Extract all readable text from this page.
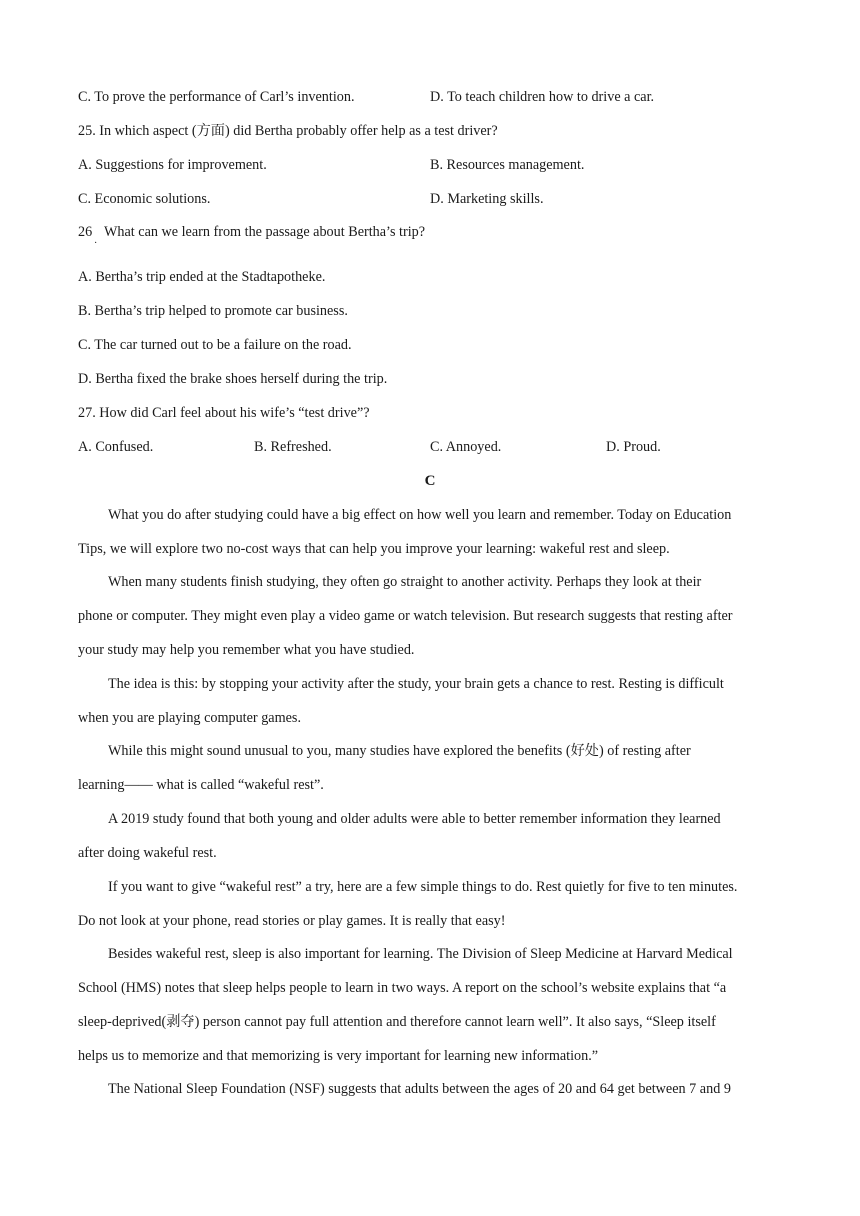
C. To prove the performance of Carl’s invention.	D. To teach children how to drive a car.
25. In which aspect (方面) did Bertha probably offer help as a test driver?
A. Suggestions for improvement.	B. Resources management.
C. Economic solutions.	D. Marketing skills.
26
·
What can we learn from the passage about Bertha’s trip?
A. Bertha’s trip ended at the Stadtapotheke.
B. Bertha’s trip helped to promote car business.
C. The car turned out to be a failure on the road.
D. Bertha fixed the brake shoes herself during the trip.
27. How did Carl feel about his wife’s “test drive”?
A. Confused.	B. Refreshed.	C. Annoyed.	D. Proud.
C
What you do after studying could have a big effect on how well you learn and remember. Today on Education
Tips, we will explore two no-cost ways that can help you improve your learning: wakeful rest and sleep.
When many students finish studying, they often go straight to another activity. Perhaps they look at their
phone or computer. They might even play a video game or watch television. But research suggests that resting after
your study may help you remember what you have studied.
The idea is this: by stopping your activity after the study, your brain gets a chance to rest. Resting is difficult
when you are playing computer games.
While this might sound unusual to you, many studies have explored the benefits (好处) of resting after
learning—— what is called “wakeful rest”.
A 2019 study found that both young and older adults were able to better remember information they learned
after doing wakeful rest.
If you want to give “wakeful rest” a try, here are a few simple things to do. Rest quietly for five to ten minutes.
Do not look at your phone, read stories or play games. It is really that easy!
Besides wakeful rest, sleep is also important for learning. The Division of Sleep Medicine at Harvard Medical
School (HMS) notes that sleep helps people to learn in two ways. A report on the school’s website explains that “a
sleep-deprived(剥夺) person cannot pay full attention and therefore cannot learn well”. It also says, “Sleep itself
helps us to memorize and that memorizing is very important for learning new information.”
The National Sleep Foundation (NSF) suggests that adults between the ages of 20 and 64 get between 7 and 9
